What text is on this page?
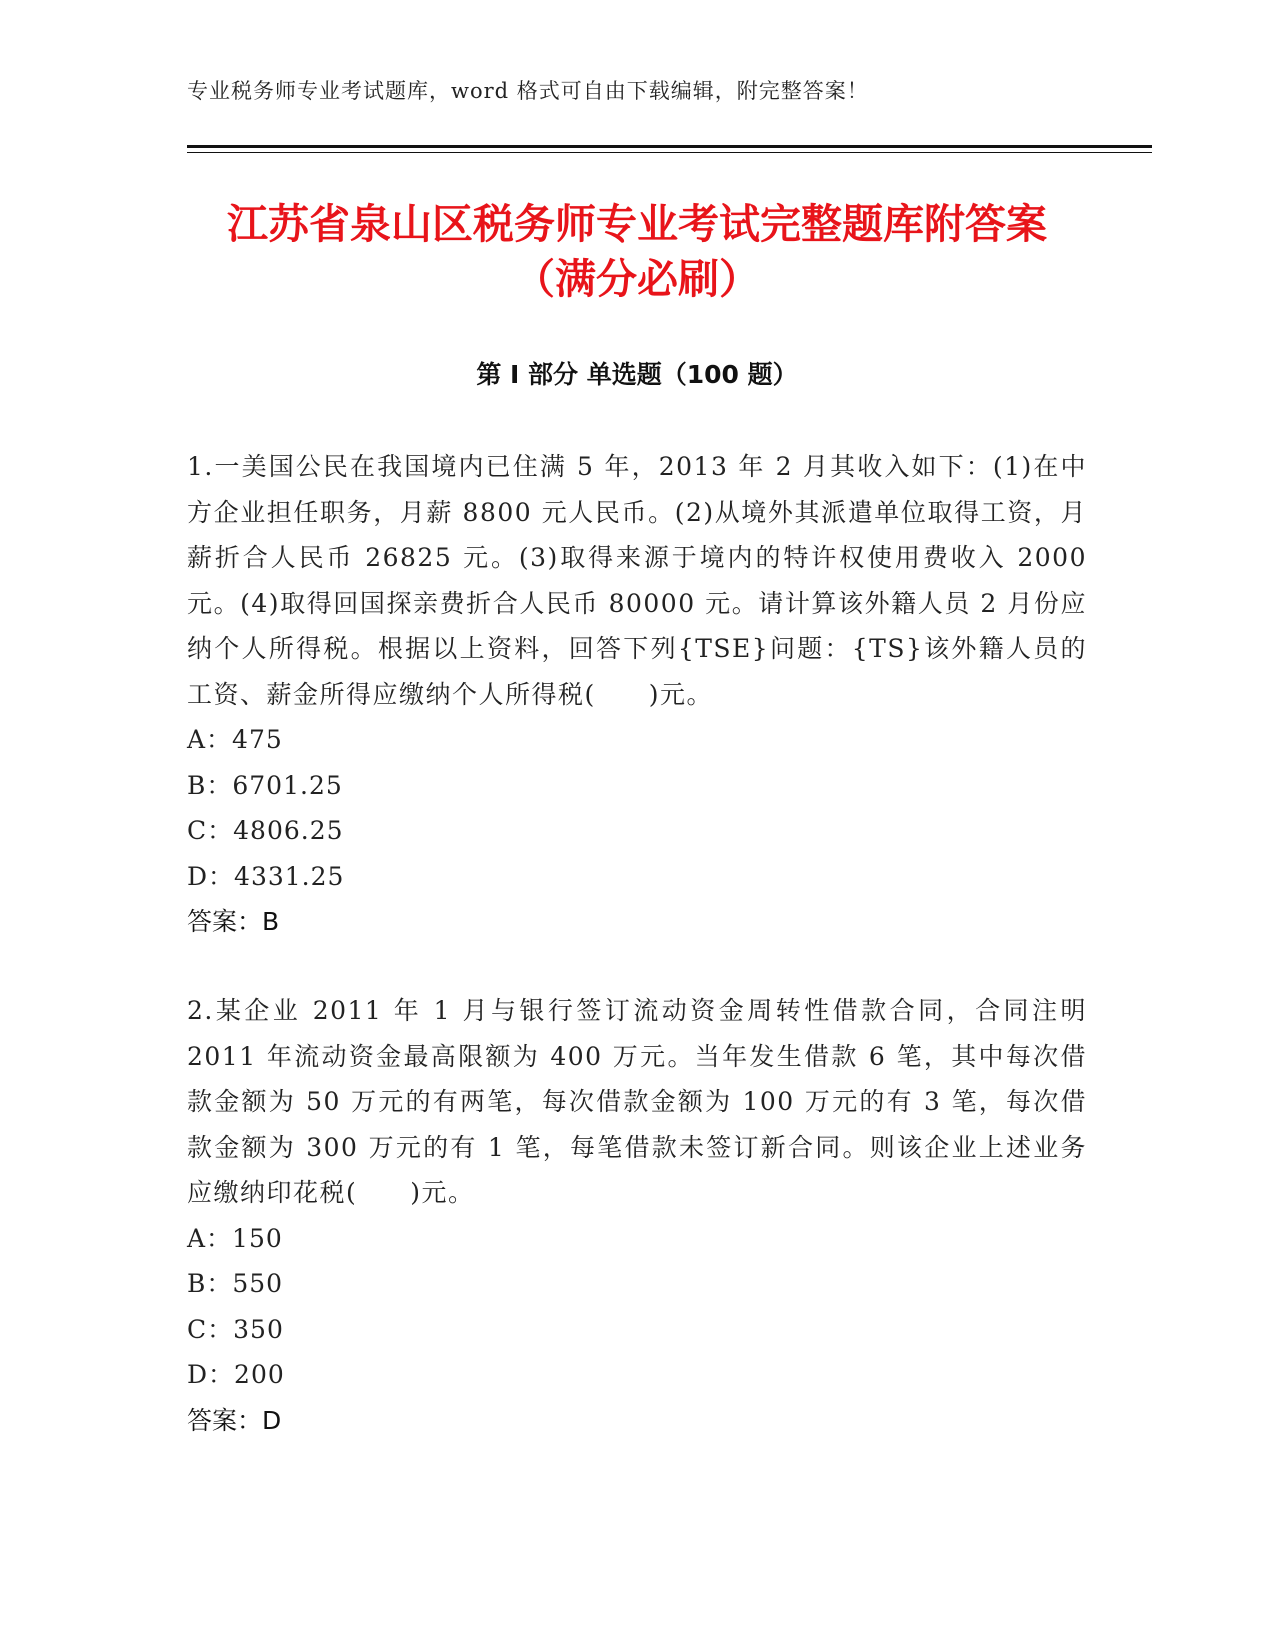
专业税务师专业考试题库，word 格式可自由下载编辑，附完整答案！
江苏省泉山区税务师专业考试完整题库附答案（满分必刷）
第 I 部分 单选题（100 题）
1.一美国公民在我国境内已住满 5 年，2013 年 2 月其收入如下：(1)在中方企业担任职务，月薪 8800 元人民币。(2)从境外其派遣单位取得工资，月薪折合人民币 26825 元。(3)取得来源于境内的特许权使用费收入 2000 元。(4)取得回国探亲费折合人民币 80000 元。请计算该外籍人员 2 月份应纳个人所得税。根据以上资料，回答下列{TSE}问题：{TS}该外籍人员的工资、薪金所得应缴纳个人所得税(　　)元。
A：475
B：6701.25
C：4806.25
D：4331.25
答案：B
2.某企业 2011 年 1 月与银行签订流动资金周转性借款合同，合同注明 2011 年流动资金最高限额为 400 万元。当年发生借款 6 笔，其中每次借款金额为 50 万元的有两笔，每次借款金额为 100 万元的有 3 笔，每次借款金额为 300 万元的有 1 笔，每笔借款未签订新合同。则该企业上述业务应缴纳印花税(　　)元。
A：150
B：550
C：350
D：200
答案：D
